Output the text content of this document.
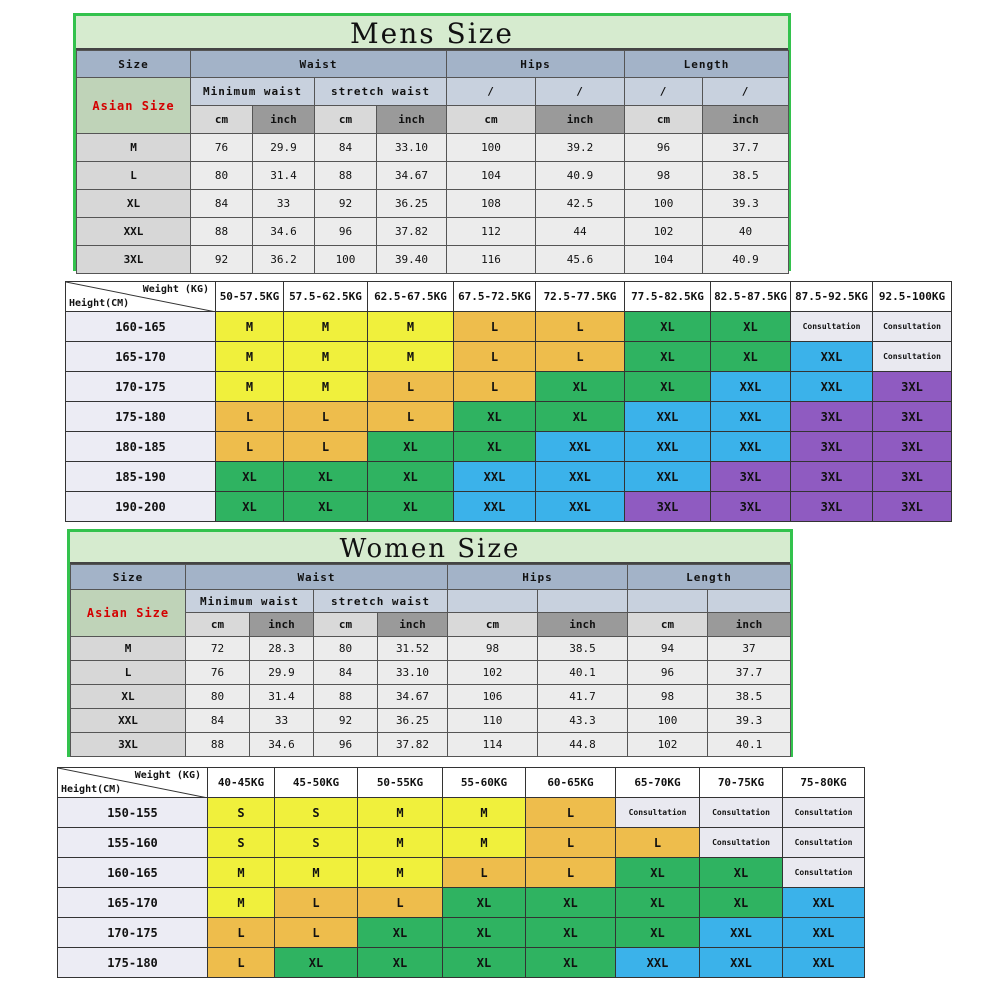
Mens Size
Size	Waist				Hips		Length	
Asian Size	Minimum waist		stretch waist		/	/	/	/
	cm	inch	cm	inch	cm	inch	cm	inch
M	76	29.9	84	33.10	100	39.2	96	37.7
L	80	31.4	88	34.67	104	40.9	98	38.5
XL	84	33	92	36.25	108	42.5	100	39.3
XXL	88	34.6	96	37.82	112	44	102	40
3XL	92	36.2	100	39.40	116	45.6	104	40.9
Weight (KG)
Height(CM)	50-57.5KG	57.5-62.5KG	62.5-67.5KG	67.5-72.5KG	72.5-77.5KG	77.5-82.5KG	82.5-87.5KG	87.5-92.5KG	92.5-100KG
160-165	M	M	M	L	L	XL	XL	Consultation	Consultation
165-170	M	M	M	L	L	XL	XL	XXL	Consultation
170-175	M	M	L	L	XL	XL	XXL	XXL	3XL
175-180	L	L	L	XL	XL	XXL	XXL	3XL	3XL
180-185	L	L	XL	XL	XXL	XXL	XXL	3XL	3XL
185-190	XL	XL	XL	XXL	XXL	XXL	3XL	3XL	3XL
190-200	XL	XL	XL	XXL	XXL	3XL	3XL	3XL	3XL
Women Size
Size	Waist				Hips		Length	
Asian Size	Minimum waist		stretch waist					
	cm	inch	cm	inch	cm	inch	cm	inch
M	72	28.3	80	31.52	98	38.5	94	37
L	76	29.9	84	33.10	102	40.1	96	37.7
XL	80	31.4	88	34.67	106	41.7	98	38.5
XXL	84	33	92	36.25	110	43.3	100	39.3
3XL	88	34.6	96	37.82	114	44.8	102	40.1
Weight (KG)
Height(CM)	40-45KG	45-50KG	50-55KG	55-60KG	60-65KG	65-70KG	70-75KG	75-80KG
150-155	S	S	M	M	L	Consultation	Consultation	Consultation
155-160	S	S	M	M	L	L	Consultation	Consultation
160-165	M	M	M	L	L	XL	XL	Consultation
165-170	M	L	L	XL	XL	XL	XL	XXL
170-175	L	L	XL	XL	XL	XL	XXL	XXL
175-180	L	XL	XL	XL	XL	XXL	XXL	XXL
